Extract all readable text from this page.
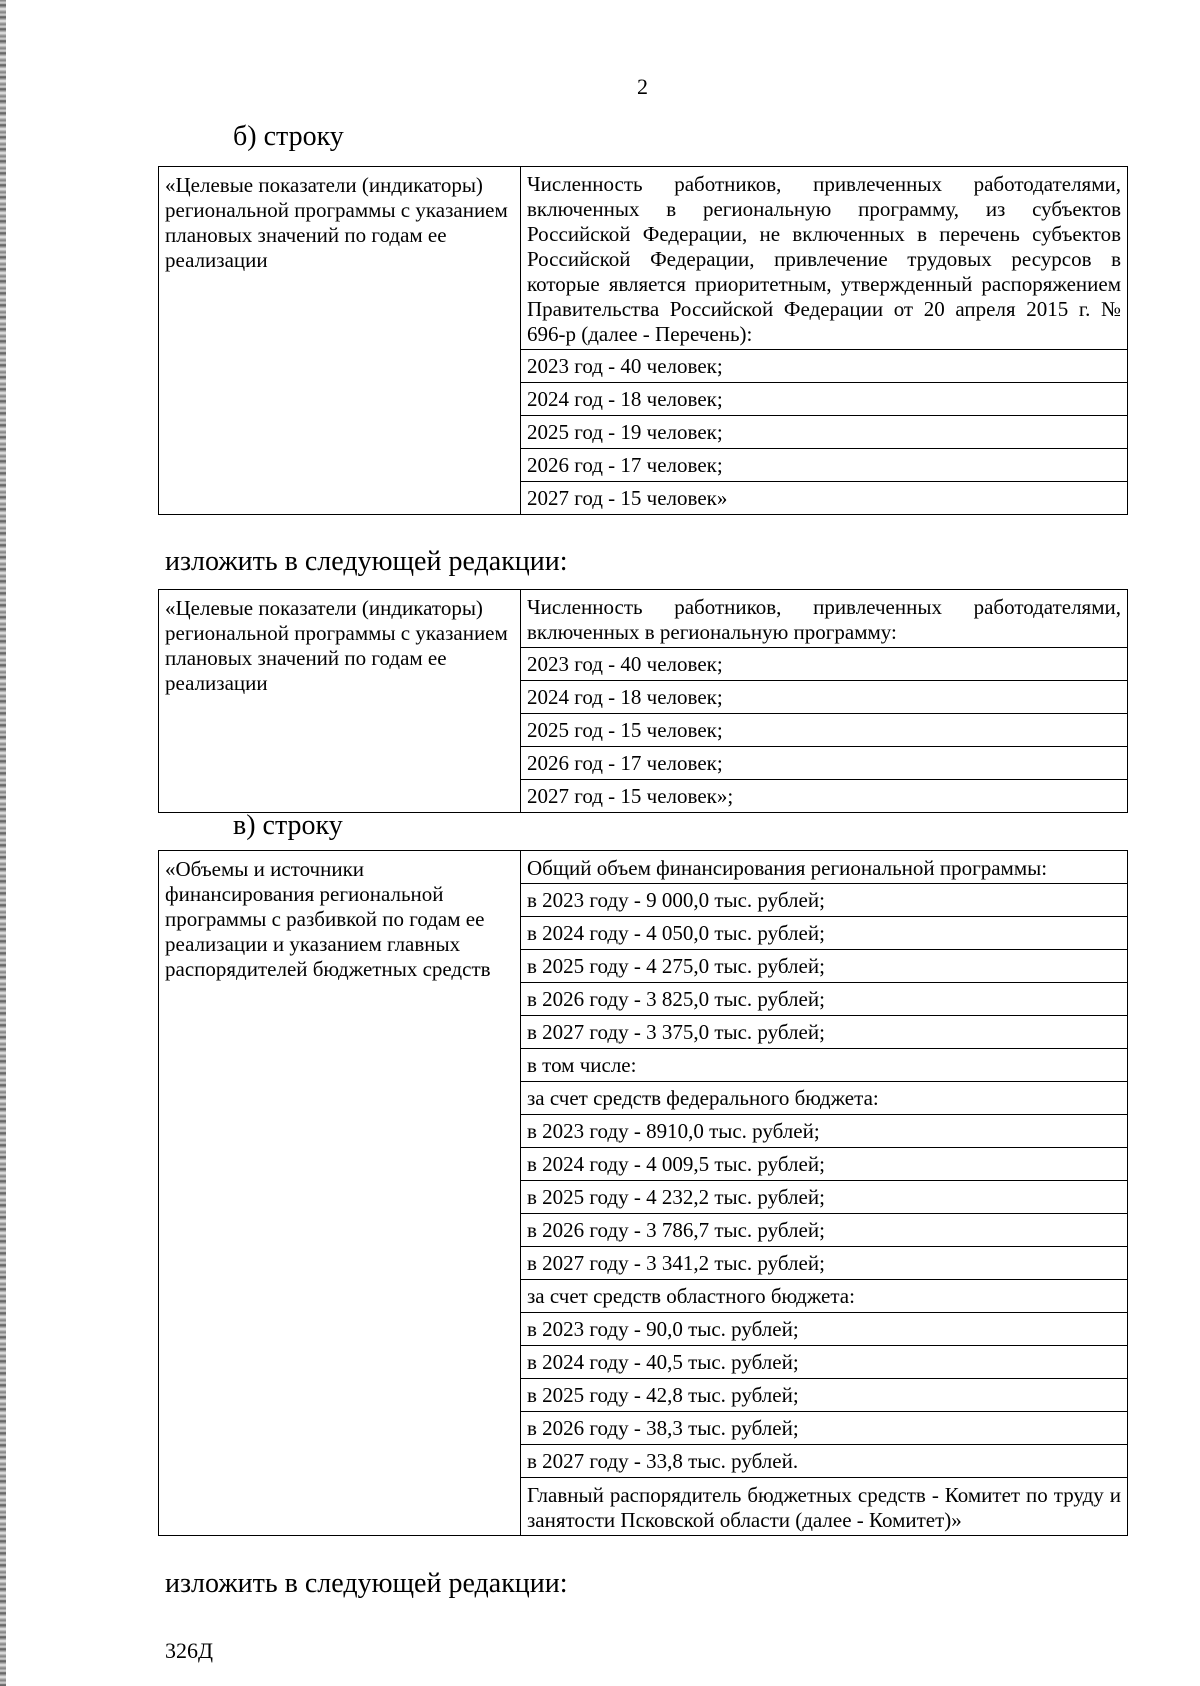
2
б) строку
«Целевые показатели (индикаторы) региональной программы с указанием плановых значений по годам ее реализации
Численность работников, привлеченных работодателями, включенных в региональную программу, из субъектов Российской Федерации, не включенных в перечень субъектов Российской Федерации, привлечение трудовых ресурсов в которые является приоритетным, утвержденный распоряжением Правительства Российской Федерации от 20 апреля 2015 г. № 696-р (далее - Перечень):
2023 год - 40 человек;
2024 год - 18 человек;
2025 год - 19 человек;
2026 год - 17 человек;
2027 год - 15 человек»
изложить в следующей редакции:
«Целевые показатели (индикаторы) региональной программы с указанием плановых значений по годам ее реализации
Численность работников, привлеченных работодателями, включенных в региональную программу:
2023 год - 40 человек;
2024 год - 18 человек;
2025 год - 15 человек;
2026 год - 17 человек;
2027 год - 15 человек»;
в) строку
«Объемы и источники финансирования региональной программы с разбивкой по годам ее реализации и указанием главных распорядителей бюджетных средств
Общий объем финансирования региональной программы:
в 2023 году - 9 000,0 тыс. рублей;
в 2024 году - 4 050,0 тыс. рублей;
в 2025 году - 4 275,0 тыс. рублей;
в 2026 году - 3 825,0 тыс. рублей;
в 2027 году - 3 375,0 тыс. рублей;
в том числе:
за счет средств федерального бюджета:
в 2023 году - 8910,0 тыс. рублей;
в 2024 году - 4 009,5 тыс. рублей;
в 2025 году - 4 232,2 тыс. рублей;
в 2026 году - 3 786,7 тыс. рублей;
в 2027 году - 3 341,2 тыс. рублей;
за счет средств областного бюджета:
в 2023 году - 90,0 тыс. рублей;
в 2024 году - 40,5 тыс. рублей;
в 2025 году - 42,8 тыс. рублей;
в 2026 году - 38,3 тыс. рублей;
в 2027 году - 33,8 тыс. рублей.
Главный распорядитель бюджетных средств - Комитет по труду и занятости Псковской области (далее - Комитет)»
изложить в следующей редакции:
326Д
